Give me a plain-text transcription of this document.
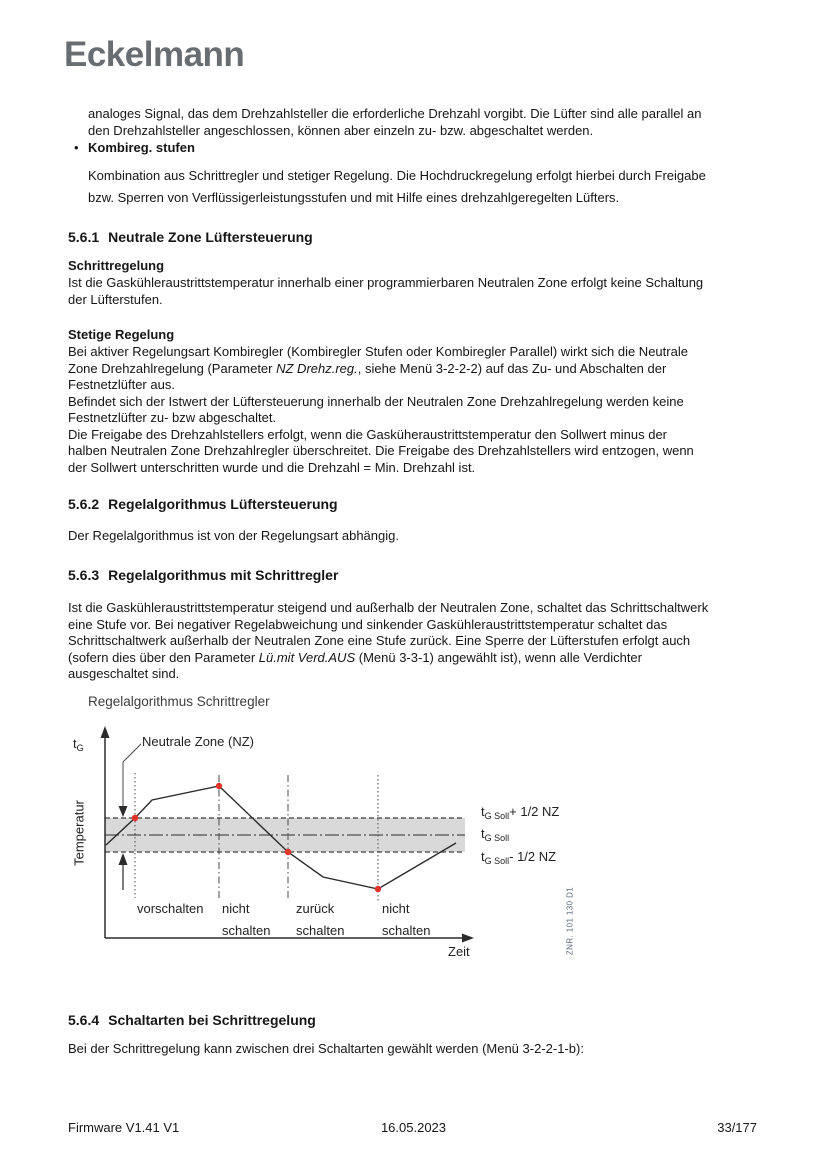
Eckelmann
analoges Signal, das dem Drehzahlsteller die erforderliche Drehzahl vorgibt. Die Lüfter sind alle parallel an
den Drehzahlsteller angeschlossen, können aber einzeln zu- bzw. abgeschaltet werden.
• Kombireg. stufen
Kombination aus Schrittregler und stetiger Regelung. Die Hochdruckregelung erfolgt hierbei durch Freigabe
bzw. Sperren von Verflüssigerleistungsstufen und mit Hilfe eines drehzahlgeregelten Lüfters.
5.6.1 Neutrale Zone Lüftersteuerung
Schrittregelung
Ist die Gaskühleraustrittstemperatur innerhalb einer programmierbaren Neutralen Zone erfolgt keine Schaltung
der Lüfterstufen.
Stetige Regelung
Bei aktiver Regelungsart Kombiregler (Kombiregler Stufen oder Kombiregler Parallel) wirkt sich die Neutrale
Zone Drehzahlregelung (Parameter NZ Drehz.reg., siehe Menü 3-2-2-2) auf das Zu- und Abschalten der
Festnetzlüfter aus.
Befindet sich der Istwert der Lüftersteuerung innerhalb der Neutralen Zone Drehzahlregelung werden keine
Festnetzlüfter zu- bzw abgeschaltet.
Die Freigabe des Drehzahlstellers erfolgt, wenn die Gasküheraustrittstemperatur den Sollwert minus der
halben Neutralen Zone Drehzahlregler überschreitet. Die Freigabe des Drehzahlstellers wird entzogen, wenn
der Sollwert unterschritten wurde und die Drehzahl = Min. Drehzahl ist.
5.6.2 Regelalgorithmus Lüftersteuerung
Der Regelalgorithmus ist von der Regelungsart abhängig.
5.6.3 Regelalgorithmus mit Schrittregler
Ist die Gaskühleraustrittstemperatur steigend und außerhalb der Neutralen Zone, schaltet das Schrittschaltwerk
eine Stufe vor. Bei negativer Regelabweichung und sinkender Gaskühleraustrittstemperatur schaltet das
Schrittschaltwerk außerhalb der Neutralen Zone eine Stufe zurück. Eine Sperre der Lüfterstufen erfolgt auch
(sofern dies über den Parameter Lü.mit Verd.AUS (Menü 3-3-1) angewählt ist), wenn alle Verdichter
ausgeschaltet sind.
Regelalgorithmus Schrittregler
$t_G$
Temperatur
Neutrale Zone (NZ)
vorschalten nicht
schalten
zurück
schalten
nicht
schalten
Zeit
$t_{G Soll}+ 1/2$ NZ
$t_{G Soll}$
$t_{G Soll}-$ 1/2 NZ
ZNR. 101 130 D1
5.6.4 Schaltarten bei Schrittregelung
Bei der Schrittregelung kann zwischen drei Schaltarten gewählt werden (Menü 3-2-2-1-b):
Firmware V1.41 V1	16.05.2023	33/177
